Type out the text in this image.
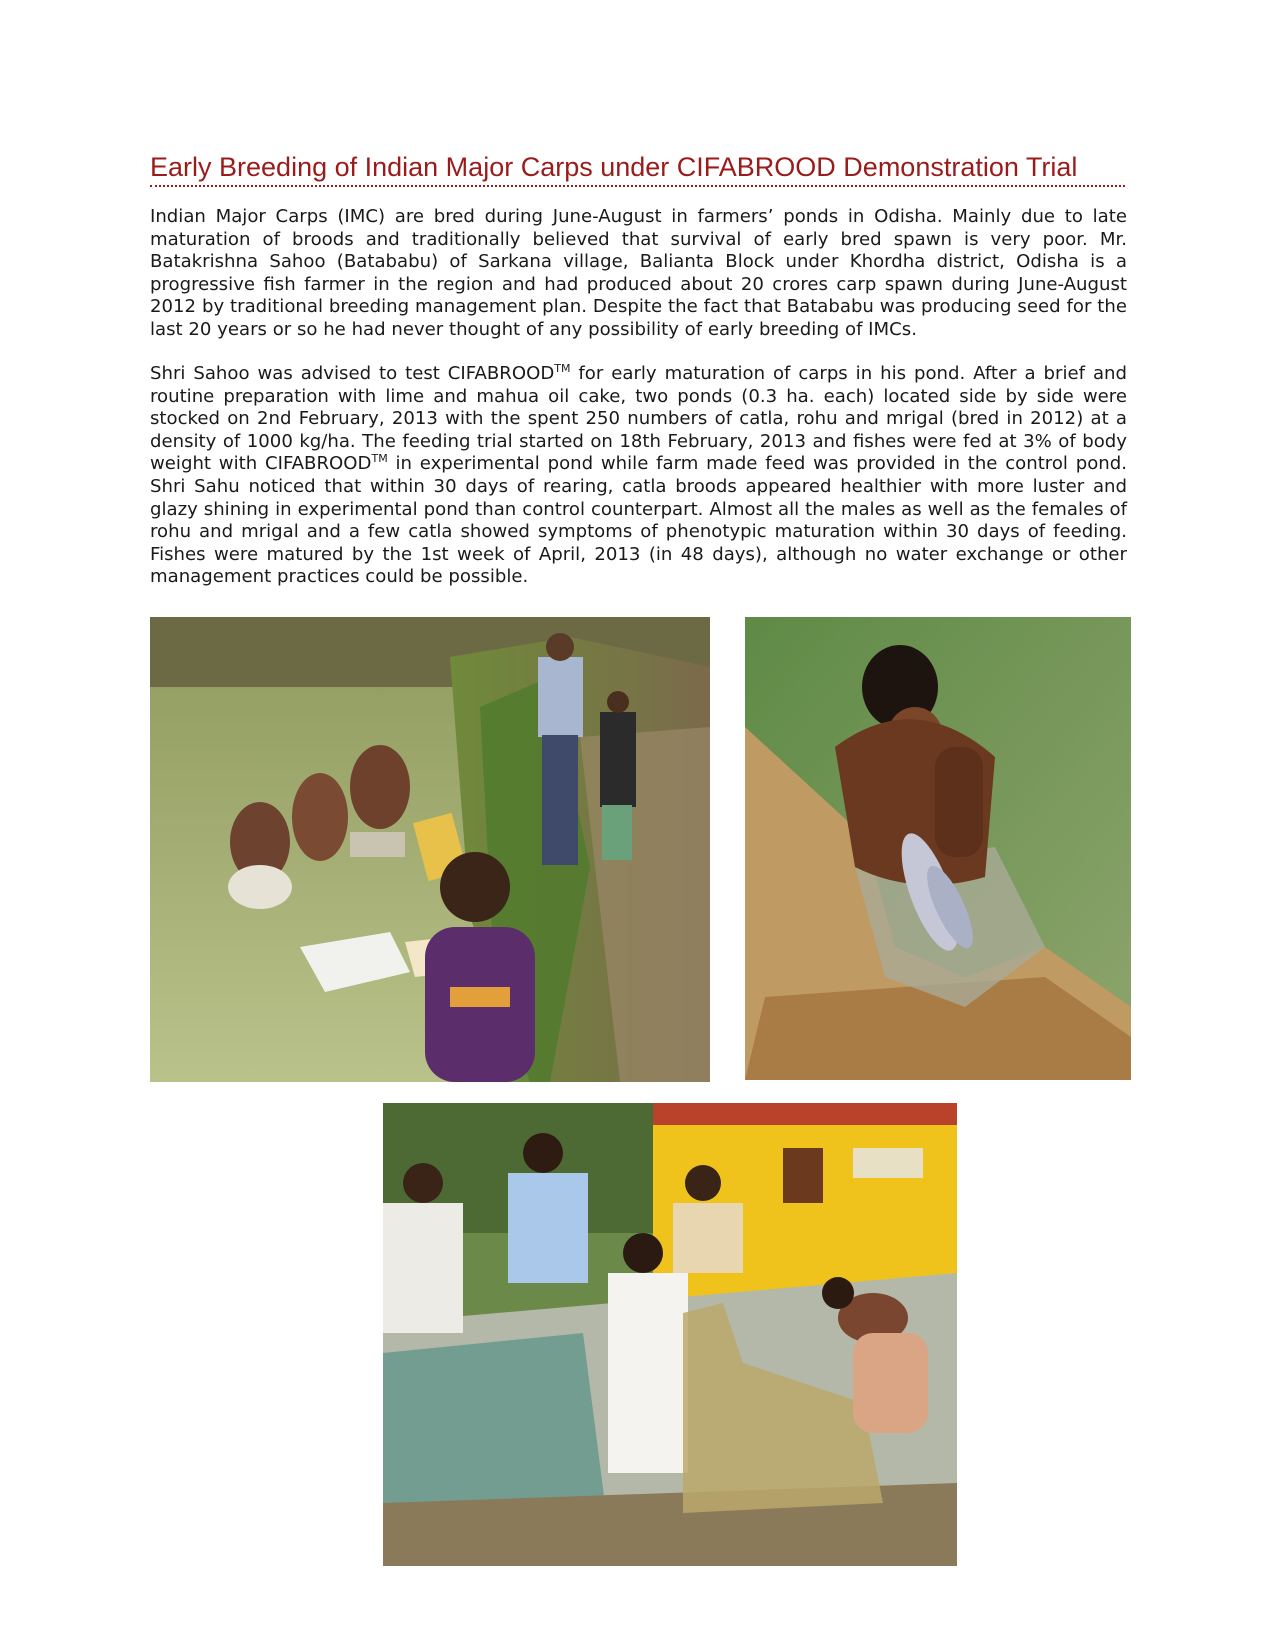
Early Breeding of Indian Major Carps under CIFABROOD Demonstration Trial

Indian Major Carps (IMC) are bred during June-August in farmers’ ponds in Odisha. Mainly due to late maturation of broods and traditionally believed that survival of early bred spawn is very poor. Mr. Batakrishna Sahoo (Batababu) of Sarkana village, Balianta Block under Khordha district, Odisha is a progressive fish farmer in the region and had produced about 20 crores carp spawn during June-August 2012 by traditional breeding management plan. Despite the fact that Batababu was producing seed for the last 20 years or so he had never thought of any possibility of early breeding of IMCs.

Shri Sahoo was advised to test CIFABROOD™ for early maturation of carps in his pond. After a brief and routine preparation with lime and mahua oil cake, two ponds (0.3 ha. each) located side by side were stocked on 2nd February, 2013 with the spent 250 numbers of catla, rohu and mrigal (bred in 2012) at a density of 1000 kg/ha. The feeding trial started on 18th February, 2013 and fishes were fed at 3% of body weight with CIFABROOD™ in experimental pond while farm made feed was provided in the control pond. Shri Sahu noticed that within 30 days of rearing, catla broods appeared healthier with more luster and glazy shining in experimental pond than control counterpart. Almost all the males as well as the females of rohu and mrigal and a few catla showed symptoms of phenotypic maturation within 30 days of feeding. Fishes were matured by the 1st week of April, 2013 (in 48 days), although no water exchange or other management practices could be possible.
